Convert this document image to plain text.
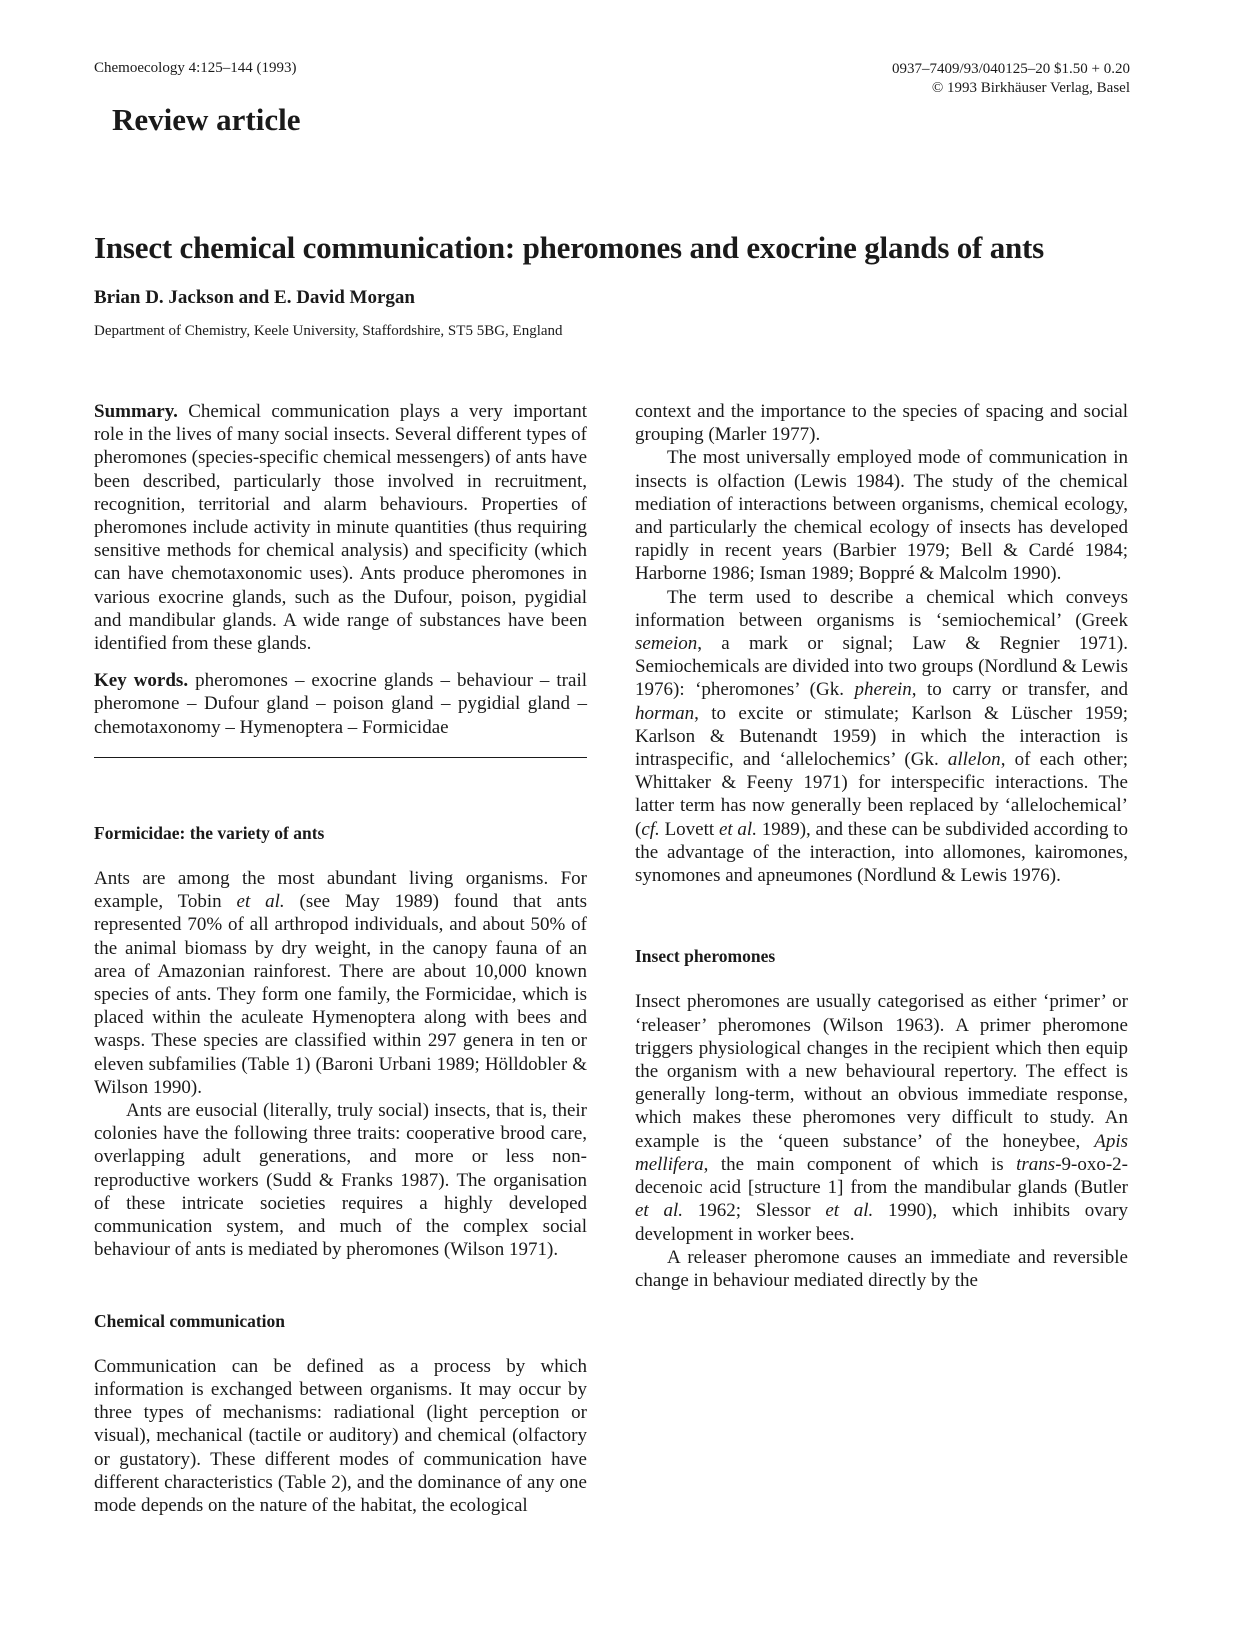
Chemoecology 4:125–144 (1993)	0937–7409/93/040125–20 $1.50 + 0.20
© 1993 Birkhäuser Verlag, Basel
Review article
Insect chemical communication: pheromones and exocrine glands of ants
Brian D. Jackson and E. David Morgan
Department of Chemistry, Keele University, Staffordshire, ST5 5BG, England

Summary. Chemical communication plays a very important role in the lives of many social insects. Several different types of pheromones (species-specific chemical messengers) of ants have been described, particularly those involved in recruitment, recognition, territorial and alarm behaviours. Properties of pheromones include activity in minute quantities (thus requiring sensitive methods for chemical analysis) and specificity (which can have chemotaxonomic uses). Ants produce pheromones in various exocrine glands, such as the Dufour, poison, pygidial and mandibular glands. A wide range of substances have been identified from these glands.

Key words. pheromones – exocrine glands – behaviour – trail pheromone – Dufour gland – poison gland – pygidial gland – chemotaxonomy – Hymenoptera – Formicidae

Formicidae: the variety of ants

Ants are among the most abundant living organisms. For example, Tobin et al. (see May 1989) found that ants represented 70% of all arthropod individuals, and about 50% of the animal biomass by dry weight, in the canopy fauna of an area of Amazonian rainforest. There are about 10,000 known species of ants. They form one family, the Formicidae, which is placed within the aculeate Hymenoptera along with bees and wasps. These species are classified within 297 genera in ten or eleven subfamilies (Table 1) (Baroni Urbani 1989; Hölldobler & Wilson 1990).

Ants are eusocial (literally, truly social) insects, that is, their colonies have the following three traits: cooperative brood care, overlapping adult generations, and more or less non-reproductive workers (Sudd & Franks 1987). The organisation of these intricate societies requires a highly developed communication system, and much of the complex social behaviour of ants is mediated by pheromones (Wilson 1971).

Chemical communication

Communication can be defined as a process by which information is exchanged between organisms. It may occur by three types of mechanisms: radiational (light perception or visual), mechanical (tactile or auditory) and chemical (olfactory or gustatory). These different modes of communication have different characteristics (Table 2), and the dominance of any one mode depends on the nature of the habitat, the ecological

context and the importance to the species of spacing and social grouping (Marler 1977).

The most universally employed mode of communication in insects is olfaction (Lewis 1984). The study of the chemical mediation of interactions between organisms, chemical ecology, and particularly the chemical ecology of insects has developed rapidly in recent years (Barbier 1979; Bell & Cardé 1984; Harborne 1986; Isman 1989; Boppré & Malcolm 1990).

The term used to describe a chemical which conveys information between organisms is ‘semiochemical’ (Greek semeion, a mark or signal; Law & Regnier 1971). Semiochemicals are divided into two groups (Nordlund & Lewis 1976): ‘pheromones’ (Gk. pherein, to carry or transfer, and horman, to excite or stimulate; Karlson & Lüscher 1959; Karlson & Butenandt 1959) in which the interaction is intraspecific, and ‘allelochemics’ (Gk. allelon, of each other; Whittaker & Feeny 1971) for interspecific interactions. The latter term has now generally been replaced by ‘allelochemical’ (cf. Lovett et al. 1989), and these can be subdivided according to the advantage of the interaction, into allomones, kairomones, synomones and apneumones (Nordlund & Lewis 1976).

Insect pheromones

Insect pheromones are usually categorised as either ‘primer’ or ‘releaser’ pheromones (Wilson 1963). A primer pheromone triggers physiological changes in the recipient which then equip the organism with a new behavioural repertory. The effect is generally long-term, without an obvious immediate response, which makes these pheromones very difficult to study. An example is the ‘queen substance’ of the honeybee, Apis mellifera, the main component of which is trans-9-oxo-2-decenoic acid [structure 1] from the mandibular glands (Butler et al. 1962; Slessor et al. 1990), which inhibits ovary development in worker bees.

A releaser pheromone causes an immediate and reversible change in behaviour mediated directly by the
